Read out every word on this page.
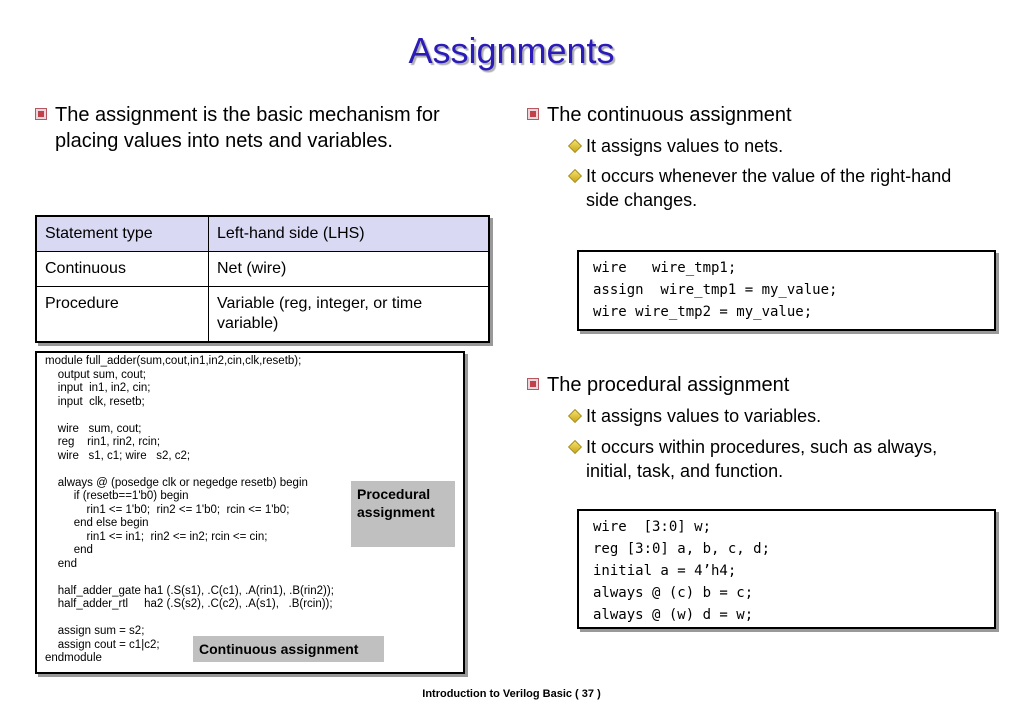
Assignments
The assignment is the basic mechanism for placing values into nets and variables.
Statement type	Left-hand side (LHS)
Continuous	Net (wire)
Procedure	Variable (reg, integer, or time variable)
module full_adder(sum,cout,in1,in2,cin,clk,resetb);
output sum, cout;
input  in1, in2, cin;
input  clk, resetb;
wire   sum, cout;
reg    rin1, rin2, rcin;
wire   s1, c1; wire   s2, c2;
always @ (posedge clk or negedge resetb) begin
if (resetb==1'b0) begin
rin1 <= 1'b0;  rin2 <= 1'b0;  rcin <= 1'b0;
end else begin
rin1 <= in1;  rin2 <= in2; rcin <= cin;
end
end
half_adder_gate ha1 (.S(s1), .C(c1), .A(rin1), .B(rin2));
half_adder_rtl     ha2 (.S(s2), .C(c2), .A(s1),   .B(rcin));
assign sum = s2;
assign cout = c1|c2;
endmodule
Procedural assignment
Continuous assignment
The continuous assignment
It assigns values to nets.
It occurs whenever the value of the right-hand side changes.
wire   wire_tmp1;
assign  wire_tmp1 = my_value;
wire wire_tmp2 = my_value;
The procedural assignment
It assigns values to variables.
It occurs within procedures, such as always, initial, task, and function.
wire  [3:0] w;
reg [3:0] a, b, c, d;
initial a = 4’h4;
always @ (c) b = c;
always @ (w) d = w;
Introduction to Verilog Basic ( 37 )
